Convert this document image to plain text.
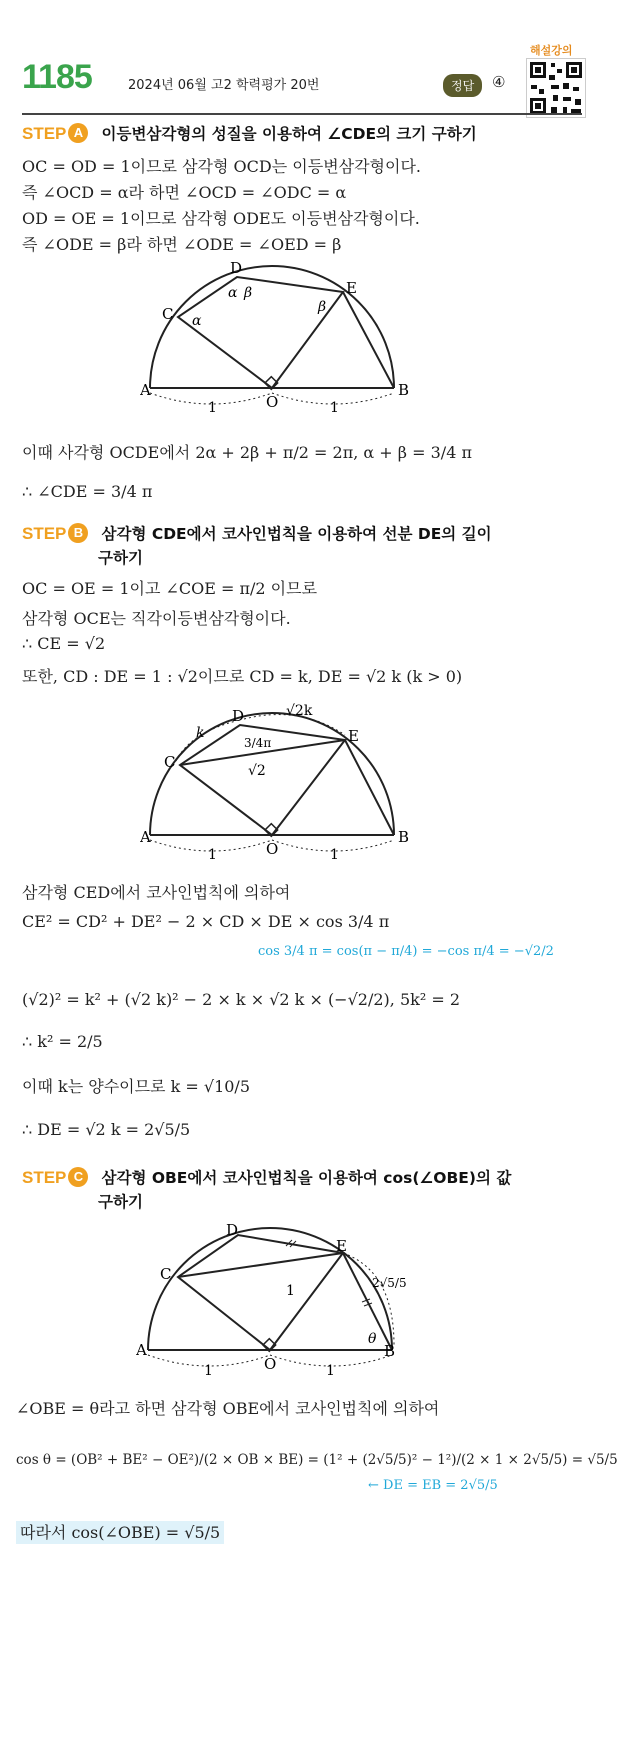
1185	2024년 06월 고2 학력평가 20번	정답	④
해설강의
STEP A 이등변삼각형의 성질을 이용하여 ∠CDE의 크기 구하기
OC = OD = 1이므로 삼각형 OCD는 이등변삼각형이다.
즉 ∠OCD = α라 하면 ∠OCD = ∠ODC = α
OD = OE = 1이므로 삼각형 ODE도 이등변삼각형이다.
즉 ∠ODE = β라 하면 ∠ODE = ∠OED = β
A	B
C
D
E
O
1	1
α
α β
β
이때 사각형 OCDE에서 2α + 2β + π/2 = 2π, α + β = 3/4 π
∴ ∠CDE = 3/4 π
STEP B 삼각형 CDE에서 코사인법칙을 이용하여 선분 DE의 길이
구하기
OC = OE = 1이고 ∠COE = π/2 이므로
삼각형 OCE는 직각이등변삼각형이다.
∴ CE = √2
또한, CD : DE = 1 : √2이므로 CD = k, DE = √2 k (k > 0)
A	B
C
D
E
O
1	1
k
√2k
√2
3/4π
삼각형 CED에서 코사인법칙에 의하여
CE² = CD² + DE² − 2 × CD × DE × cos 3/4 π
cos 3/4 π = cos(π − π/4) = −cos π/4 = −√2/2
(√2)² = k² + (√2 k)² − 2 × k × √2 k × (−√2/2), 5k² = 2
∴ k² = 2/5
이때 k는 양수이므로 k = √10/5
∴ DE = √2 k = 2√5/5
STEP C 삼각형 OBE에서 코사인법칙을 이용하여 cos(∠OBE)의 값
구하기
A	B
C
D
E
O
1	1
1	2√5/5
θ
∠OBE = θ라고 하면 삼각형 OBE에서 코사인법칙에 의하여
cos θ = (OB² + BE² − OE²)/(2 × OB × BE) = (1² + (2√5/5)² − 1²)/(2 × 1 × 2√5/5) = √5/5
← DE = EB = 2√5/5
따라서 cos(∠OBE) = √5/5
